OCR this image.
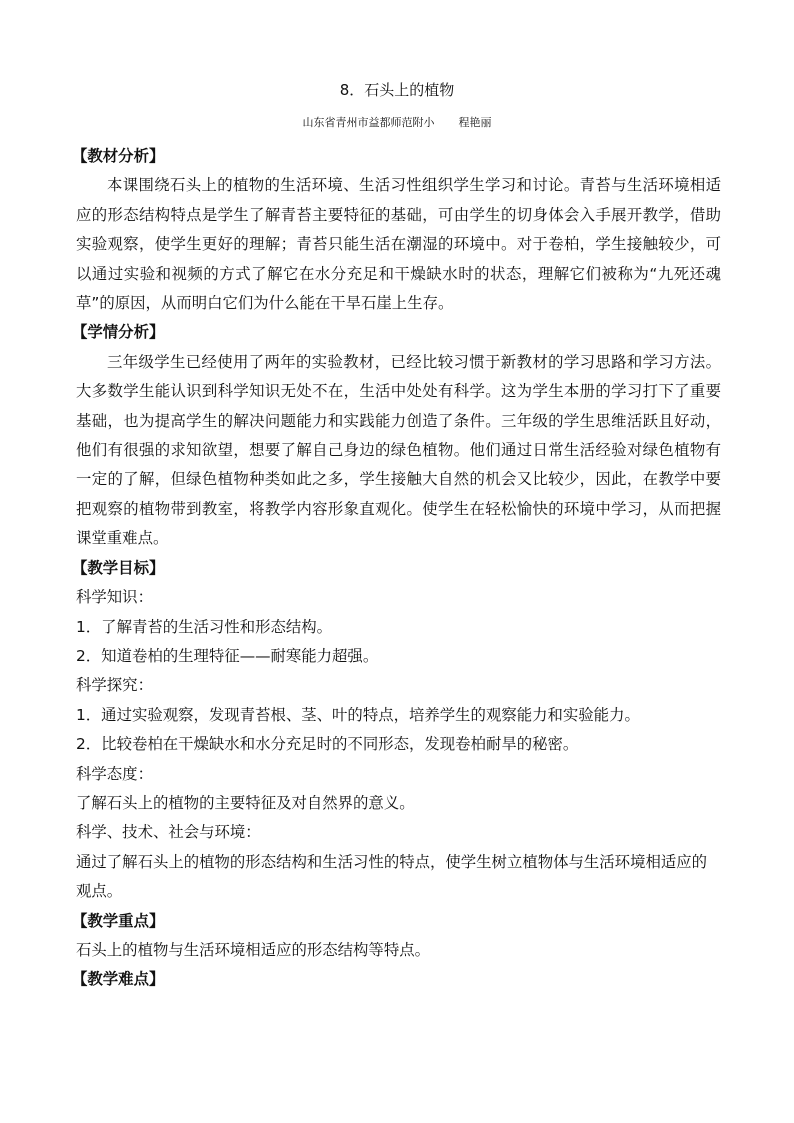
8．石头上的植物
山东省青州市益都师范附小 程艳丽

【教材分析】

本课围绕石头上的植物的生活环境、生活习性组织学生学习和讨论。青苔与生活环境相适应的形态结构特点是学生了解青苔主要特征的基础，可由学生的切身体会入手展开教学，借助实验观察，使学生更好的理解；青苔只能生活在潮湿的环境中。对于卷柏，学生接触较少，可以通过实验和视频的方式了解它在水分充足和干燥缺水时的状态，理解它们被称为“九死还魂草”的原因，从而明白它们为什么能在干旱石崖上生存。

【学情分析】

三年级学生已经使用了两年的实验教材，已经比较习惯于新教材的学习思路和学习方法。大多数学生能认识到科学知识无处不在，生活中处处有科学。这为学生本册的学习打下了重要基础，也为提高学生的解决问题能力和实践能力创造了条件。三年级的学生思维活跃且好动，他们有很强的求知欲望，想要了解自己身边的绿色植物。他们通过日常生活经验对绿色植物有一定的了解，但绿色植物种类如此之多，学生接触大自然的机会又比较少，因此，在教学中要把观察的植物带到教室，将教学内容形象直观化。使学生在轻松愉快的环境中学习，从而把握课堂重难点。

【教学目标】

科学知识：

1．了解青苔的生活习性和形态结构。

2．知道卷柏的生理特征——耐寒能力超强。

科学探究：

1．通过实验观察，发现青苔根、茎、叶的特点，培养学生的观察能力和实验能力。

2．比较卷柏在干燥缺水和水分充足时的不同形态，发现卷柏耐旱的秘密。

科学态度：

了解石头上的植物的主要特征及对自然界的意义。

科学、技术、社会与环境：

通过了解石头上的植物的形态结构和生活习性的特点，使学生树立植物体与生活环境相适应的观点。

【教学重点】

石头上的植物与生活环境相适应的形态结构等特点。

【教学难点】
